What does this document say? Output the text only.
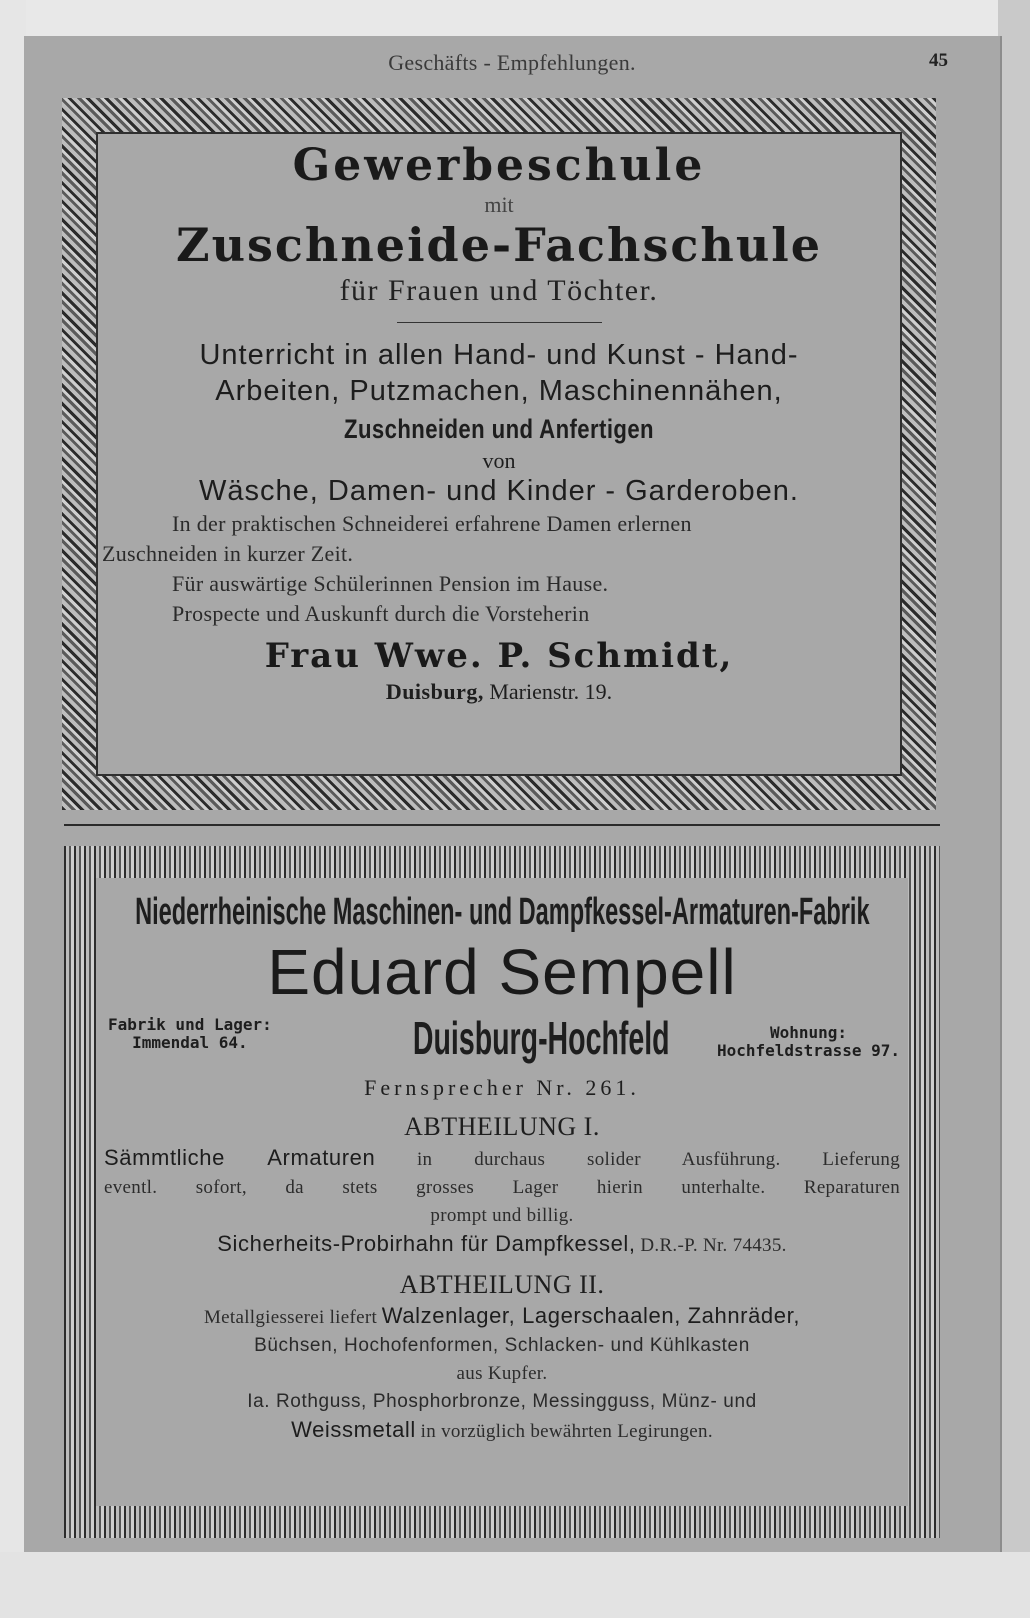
Geschäfts - Empfehlungen.	45
Gewerbeschule
mit
Zuschneide-Fachschule
für Frauen und Töchter.
Unterricht in allen Hand- und Kunst - Hand-
Arbeiten, Putzmachen, Maschinennähen,
Zuschneiden und Anfertigen
von
Wäsche, Damen- und Kinder - Garderoben.
In der praktischen Schneiderei erfahrene Damen erlernen
Zuschneiden in kurzer Zeit.
Für auswärtige Schülerinnen Pension im Hause.
Prospecte und Auskunft durch die Vorsteherin
Frau Wwe. P. Schmidt,
Duisburg, Marienstr. 19.
Niederrheinische Maschinen- und Dampfkessel-Armaturen-Fabrik
Eduard Sempell
Fabrik und Lager:
Immendal 64.	Duisburg-Hochfeld	Wohnung:
Hochfeldstrasse 97.
Fernsprecher Nr. 261.
ABTHEILUNG I.
Sämmtliche Armaturen in durchaus solider Ausführung. Lieferung
eventl. sofort, da stets grosses Lager hierin unterhalte. Reparaturen
prompt und billig.
Sicherheits-Probirhahn für Dampfkessel, D.R.-P. Nr. 74435.
ABTHEILUNG II.
Metallgiesserei liefert Walzenlager, Lagerschaalen, Zahnräder,
Büchsen, Hochofenformen, Schlacken- und Kühlkasten
aus Kupfer.
Ia. Rothguss, Phosphorbronze, Messingguss, Münz- und
Weissmetall in vorzüglich bewährten Legirungen.
